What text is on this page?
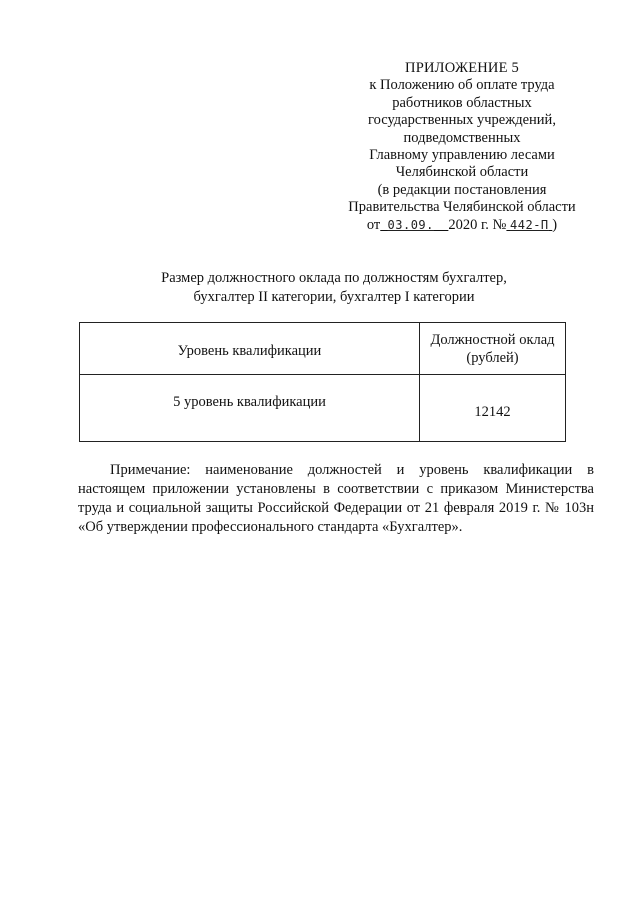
ПРИЛОЖЕНИЕ 5
к Положению об оплате труда
работников областных
государственных учреждений,
подведомственных
Главному управлению лесами
Челябинской области
(в редакции постановления
Правительства Челябинской области
от 03.09. 2020 г. № 442-П )
Размер должностного оклада по должностям бухгалтер,
бухгалтер II категории, бухгалтер I категории
Уровень квалификации	Должностной оклад
(рублей)

5 уровень квалификации	12142

Примечание: наименование должностей и уровень квалификации в настоящем приложении установлены в соответствии с приказом Министерства труда и социальной защиты Российской Федерации от 21 февраля 2019 г. № 103н «Об утверждении профессионального стандарта «Бухгалтер».
